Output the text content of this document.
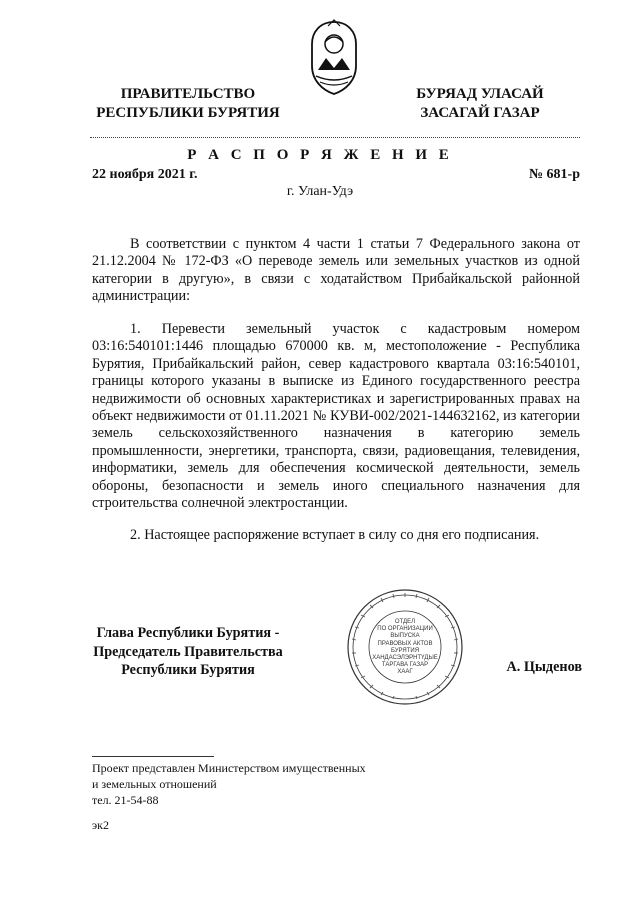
ПРАВИТЕЛЬСТВО
РЕСПУБЛИКИ БУРЯТИЯ
БУРЯАД УЛАСАЙ
ЗАСАГАЙ ГАЗАР
Р А С П О Р Я Ж Е Н И Е
22 ноября 2021 г.	№ 681-р
г. Улан-Удэ

В соответствии с пунктом 4 части 1 статьи 7 Федерального закона от 21.12.2004 № 172-ФЗ «О переводе земель или земельных участков из одной категории в другую», в связи с ходатайством Прибайкальской районной администрации:

1. Перевести земельный участок с кадастровым номером 03:16:540101:1446 площадью 670000 кв. м, местоположение - Республика Бурятия, Прибайкальский район, север кадастрового квартала 03:16:540101, границы которого указаны в выписке из Единого государственного реестра недвижимости об основных характеристиках и зарегистрированных правах на объект недвижимости от 01.11.2021 № КУВИ-002/2021-144632162, из категории земель сельскохозяйственного назначения в категорию земель промышленности, энергетики, транспорта, связи, радиовещания, телевидения, информатики, земель для обеспечения космической деятельности, земель обороны, безопасности и земель иного специального назначения для строительства солнечной электростанции.

2. Настоящее распоряжение вступает в силу со дня его подписания.

ОТДЕЛ
ПО ОРГАНИЗАЦИИ
ВЫПУСКА
ПРАВОВЫХ АКТОВ
БУРЯТИЯ
ХАНДАСЭЛЭРНТҮДЫЕ
ТАРГАВА ГАЗАР
ХААГ
Глава Республики Бурятия -
Председатель Правительства
Республики Бурятия	А. Цыденов
Проект представлен Министерством имущественных
и земельных отношений
тел. 21-54-88
эк2
